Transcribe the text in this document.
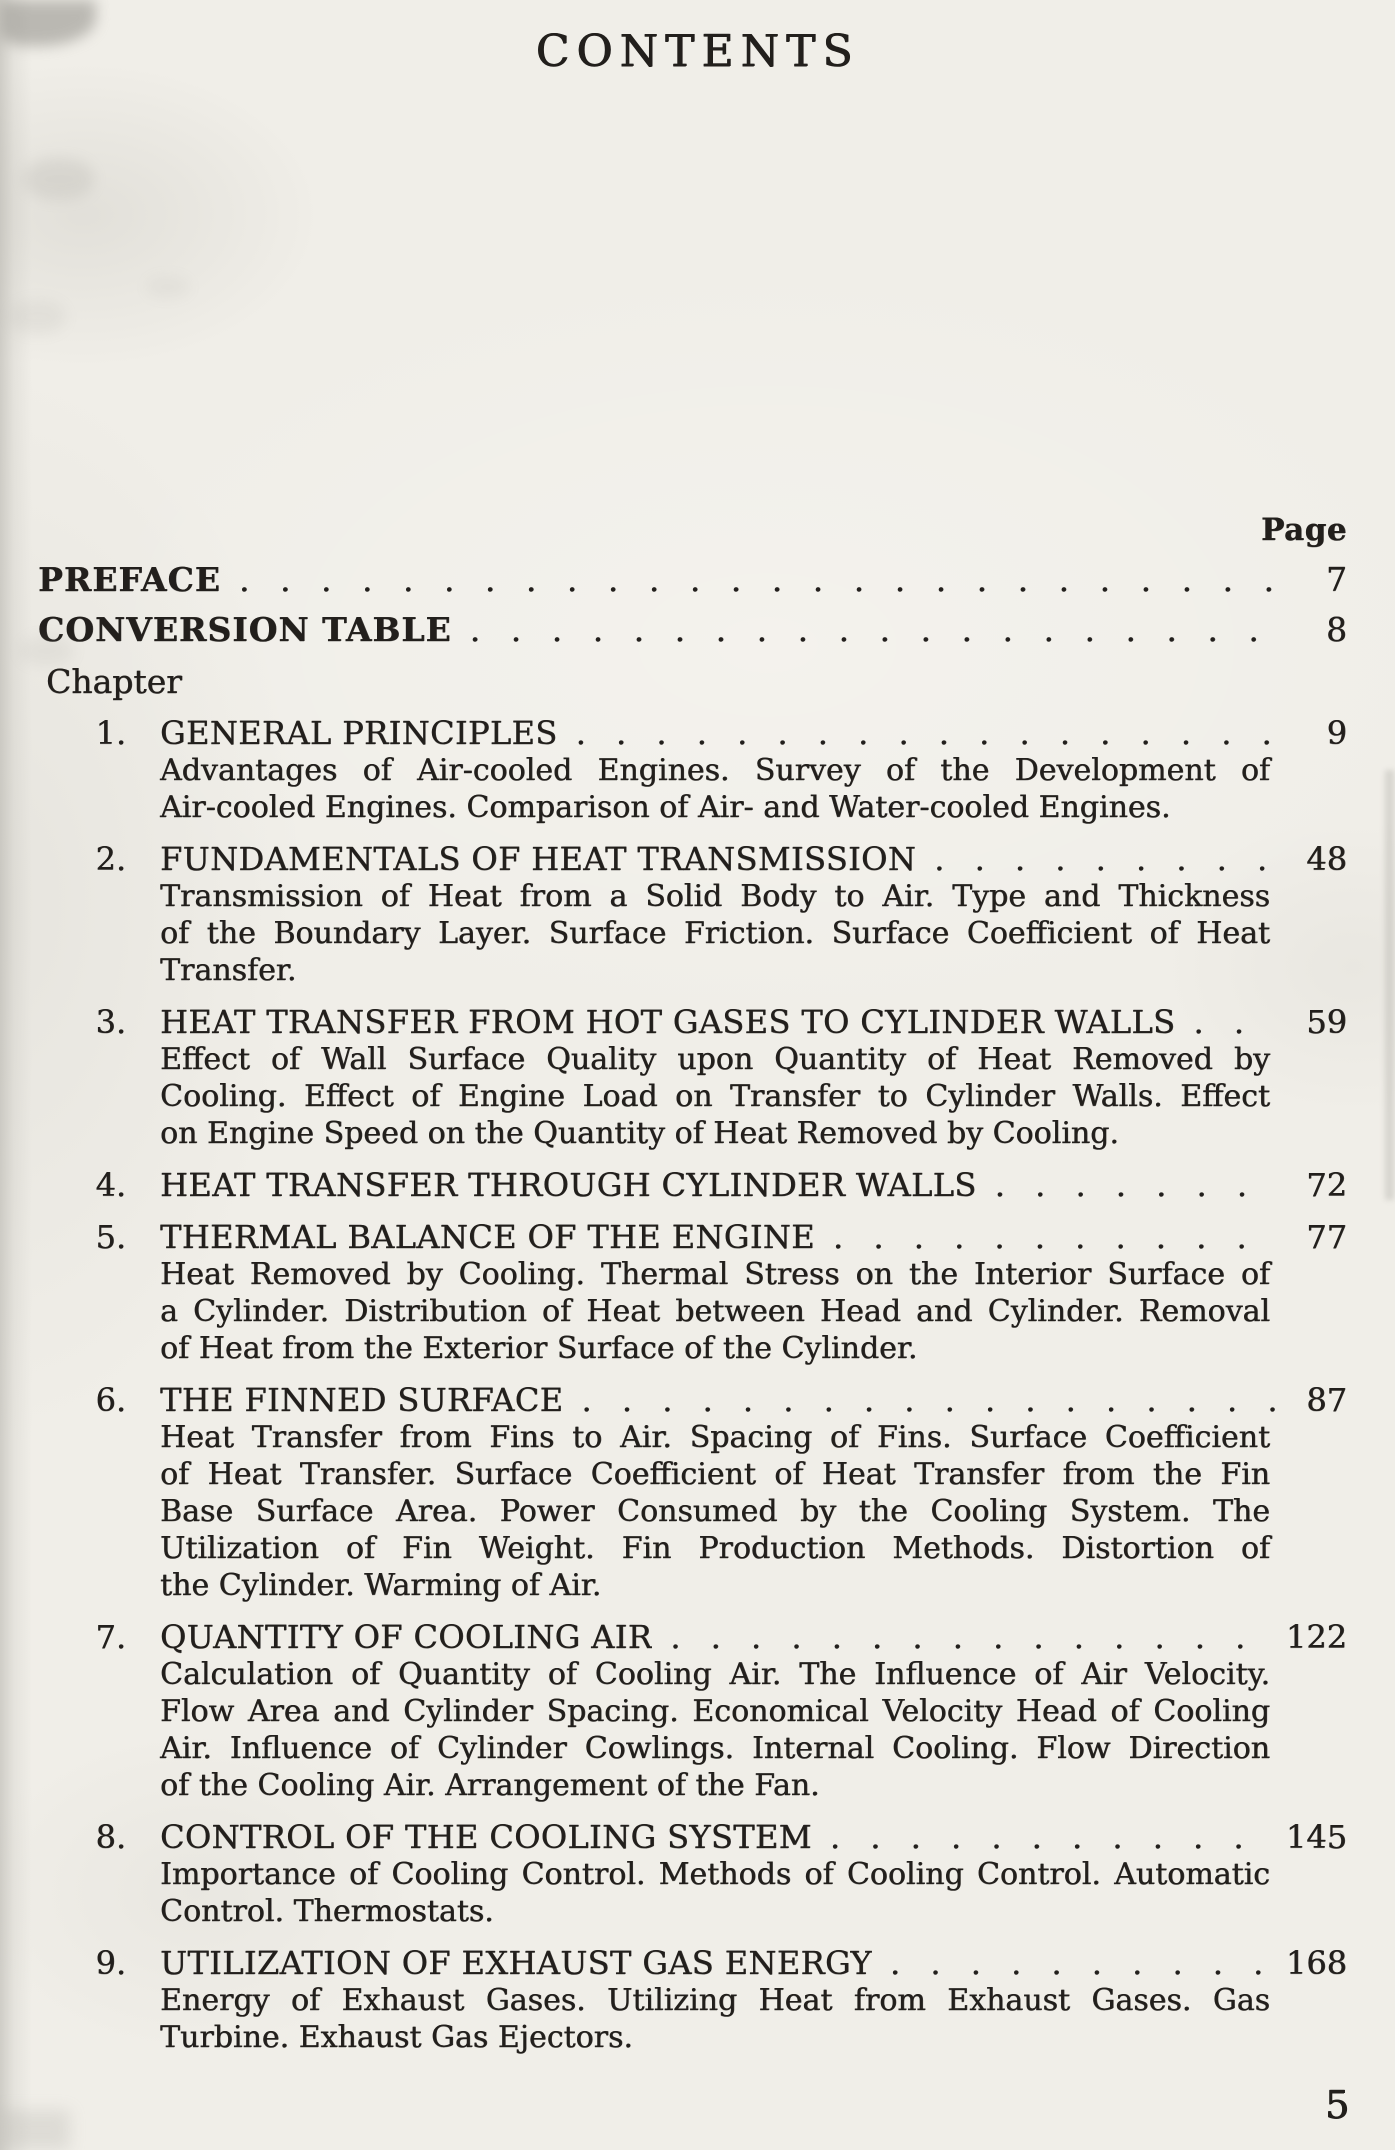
CONTENTS
Page
PREFACE . . .	7
CONVERSION TABLE . . .	8
Chapter
1. GENERAL PRINCIPLES . . .	9
Advantages of Air-cooled Engines. Survey of the Development of
Air-cooled Engines. Comparison of Air- and Water-cooled Engines.
2. FUNDAMENTALS OF HEAT TRANSMISSION . . .	48
Transmission of Heat from a Solid Body to Air. Type and Thickness
of the Boundary Layer. Surface Friction. Surface Coefficient of Heat
Transfer.
3. HEAT TRANSFER FROM HOT GASES TO CYLINDER WALLS . . .	59
Effect of Wall Surface Quality upon Quantity of Heat Removed by
Cooling. Effect of Engine Load on Transfer to Cylinder Walls. Effect
on Engine Speed on the Quantity of Heat Removed by Cooling.
4. HEAT TRANSFER THROUGH CYLINDER WALLS . . .	72
5. THERMAL BALANCE OF THE ENGINE . . .	77
Heat Removed by Cooling. Thermal Stress on the Interior Surface of
a Cylinder. Distribution of Heat between Head and Cylinder. Removal
of Heat from the Exterior Surface of the Cylinder.
6. THE FINNED SURFACE . . .	87
Heat Transfer from Fins to Air. Spacing of Fins. Surface Coefficient
of Heat Transfer. Surface Coefficient of Heat Transfer from the Fin
Base Surface Area. Power Consumed by the Cooling System. The
Utilization of Fin Weight. Fin Production Methods. Distortion of
the Cylinder. Warming of Air.
7. QUANTITY OF COOLING AIR . . .	122
Calculation of Quantity of Cooling Air. The Influence of Air Velocity.
Flow Area and Cylinder Spacing. Economical Velocity Head of Cooling
Air. Influence of Cylinder Cowlings. Internal Cooling. Flow Direction
of the Cooling Air. Arrangement of the Fan.
8. CONTROL OF THE COOLING SYSTEM . . .	145
Importance of Cooling Control. Methods of Cooling Control. Automatic
Control. Thermostats.
9. UTILIZATION OF EXHAUST GAS ENERGY . . .	168
Energy of Exhaust Gases. Utilizing Heat from Exhaust Gases. Gas
Turbine. Exhaust Gas Ejectors.
5
